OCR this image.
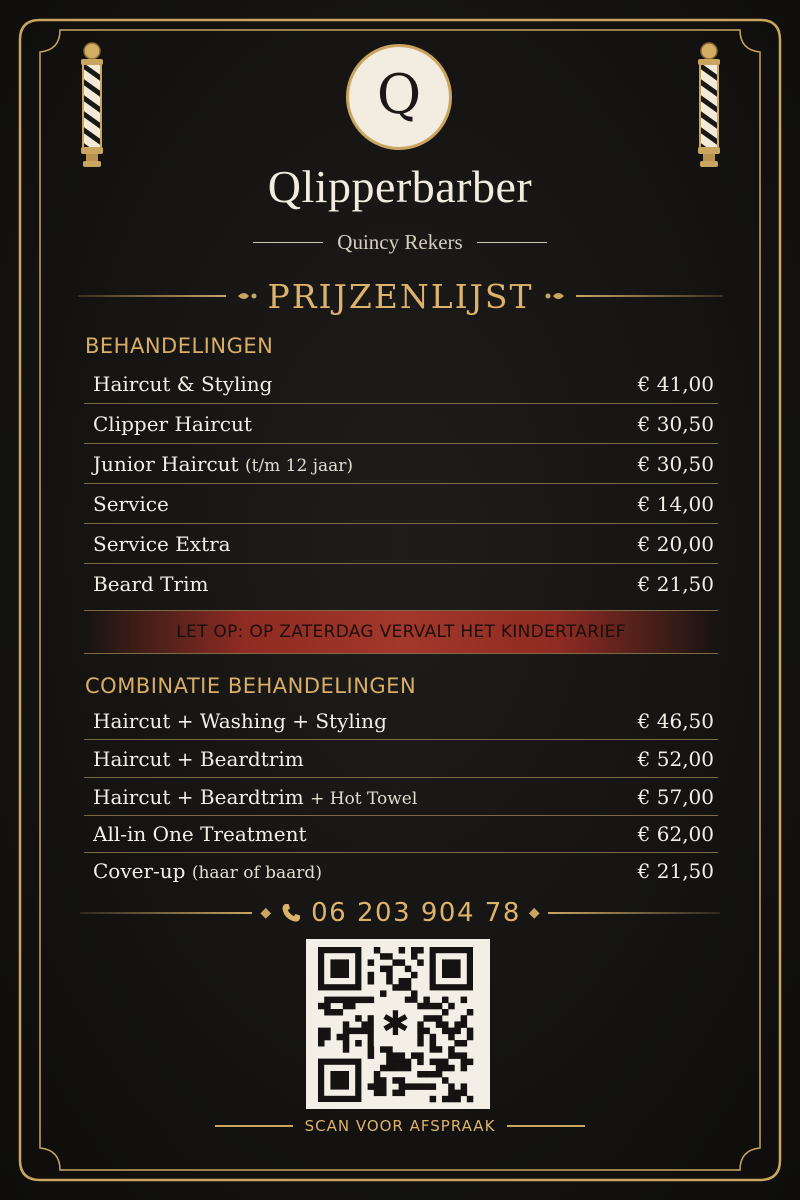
Q
Qlipperbarber
Quincy Rekers
PRIJZENLIJST
BEHANDELINGEN
Haircut & Styling	€ 41,00
Clipper Haircut	€ 30,50
Junior Haircut (t/m 12 jaar)	€ 30,50
Service	€ 14,00
Service Extra	€ 20,00
Beard Trim	€ 21,50
LET OP: OP ZATERDAG VERVALT HET KINDERTARIEF
COMBINATIE BEHANDELINGEN
Haircut + Washing + Styling	€ 46,50
Haircut + Beardtrim	€ 52,00
Haircut + Beardtrim + Hot Towel	€ 57,00
All-in One Treatment	€ 62,00
Cover-up (haar of baard)	€ 21,50
◆ 06 203 904 78 ◆
✱
SCAN VOOR AFSPRAAK
